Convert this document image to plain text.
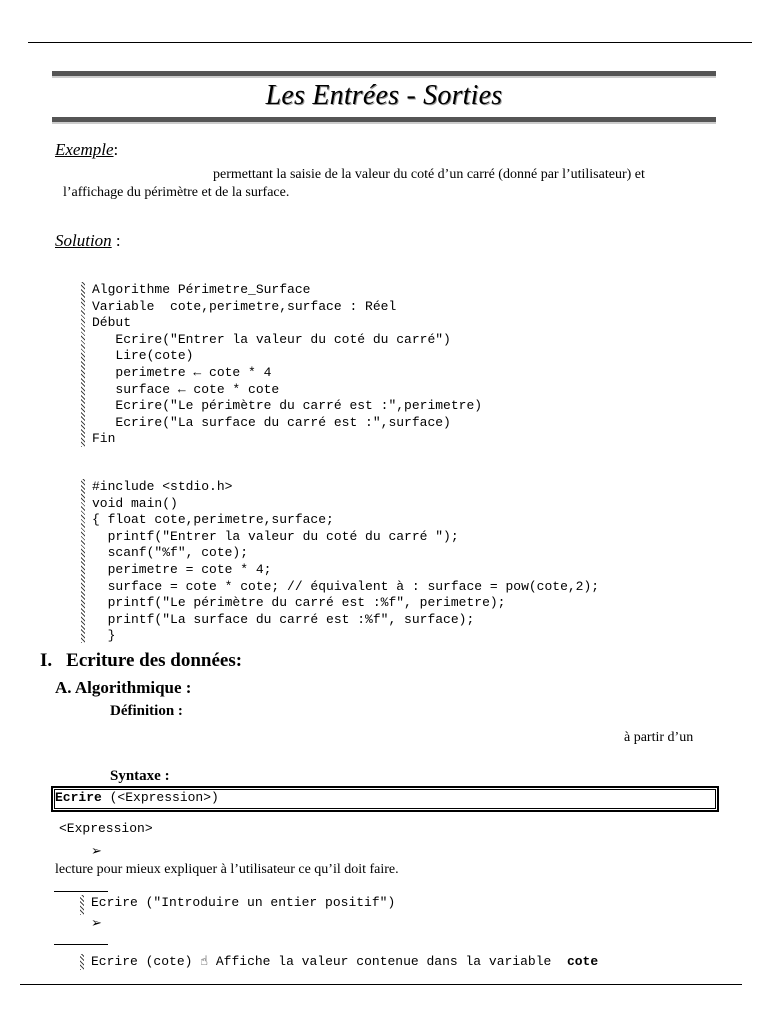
Les Entrées - Sorties
Exemple:
permettant la saisie de la valeur du coté d’un carré (donné par l’utilisateur) et
l’affichage du périmètre et de la surface.
Solution :
Algorithme Périmetre_Surface
Variable  cote,perimetre,surface : Réel
Début
Ecrire("Entrer la valeur du coté du carré")
Lire(cote)
perimetre ← cote * 4
surface ← cote * cote
Ecrire("Le périmètre du carré est :",perimetre)
Ecrire("La surface du carré est :",surface)
Fin
#include <stdio.h>
void main()
{ float cote,perimetre,surface;
printf("Entrer la valeur du coté du carré ");
scanf("%f", cote);
perimetre = cote * 4;
surface = cote * cote; // équivalent à : surface = pow(cote,2);
printf("Le périmètre du carré est :%f", perimetre);
printf("La surface du carré est :%f", surface);
}
I. Ecriture des données:
A. Algorithmique :
Définition :
à partir d’un
Syntaxe :
Ecrire (<Expression>)
<Expression>
➢
lecture pour mieux expliquer à l’utilisateur ce qu’il doit faire.
Ecrire ("Introduire un entier positif")
➢
Ecrire (cote) ☝ Affiche la valeur contenue dans la variable  cote
